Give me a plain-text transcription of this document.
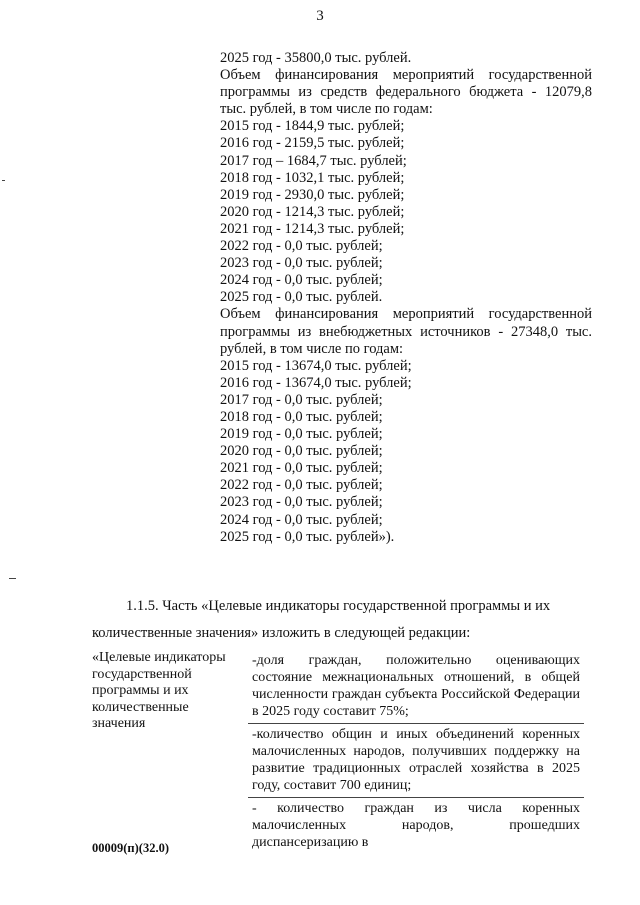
3
2025 год - 35800,0 тыс. рублей.
Объем финансирования мероприятий государственной программы из средств федерального бюджета - 12079,8 тыс. рублей, в том числе по годам:
2015 год - 1844,9 тыс. рублей;
2016 год - 2159,5 тыс. рублей;
2017 год – 1684,7 тыс. рублей;
2018 год - 1032,1 тыс. рублей;
2019 год - 2930,0 тыс. рублей;
2020 год - 1214,3 тыс. рублей;
2021 год - 1214,3 тыс. рублей;
2022 год - 0,0 тыс. рублей;
2023 год - 0,0 тыс. рублей;
2024 год - 0,0 тыс. рублей;
2025 год - 0,0 тыс. рублей.
Объем финансирования мероприятий государственной программы из внебюджетных источников - 27348,0 тыс. рублей, в том числе по годам:
2015 год - 13674,0 тыс. рублей;
2016 год - 13674,0 тыс. рублей;
2017 год - 0,0 тыс. рублей;
2018 год - 0,0 тыс. рублей;
2019 год - 0,0 тыс. рублей;
2020 год - 0,0 тыс. рублей;
2021 год - 0,0 тыс. рублей;
2022 год - 0,0 тыс. рублей;
2023 год - 0,0 тыс. рублей;
2024 год - 0,0 тыс. рублей;
2025 год - 0,0 тыс. рублей»).
1.1.5. Часть «Целевые индикаторы государственной программы и их
количественные значения» изложить в следующей редакции:
«Целевые индикаторы государственной программы и их количественные значения
-доля граждан, положительно оценивающих состояние межнациональных отношений, в общей численности граждан субъекта Российской Федерации в 2025 году составит 75%;
-количество общин и иных объединений коренных малочисленных народов, получивших поддержку на развитие традиционных отраслей хозяйства в 2025 году, составит 700 единиц;
- количество граждан из числа коренных малочисленных народов, прошедших диспансеризацию в
00009(п)(32.0)
